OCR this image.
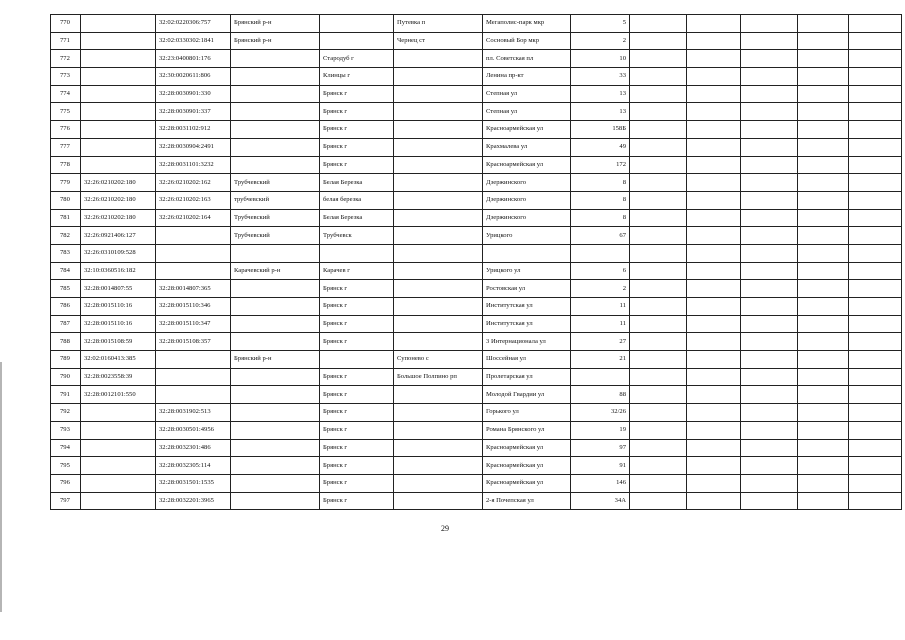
770		32:02:0220306:757	Брянский р-н		Путевка п	Мегаполис-парк мкр	5					
771		32:02:0330302:1841	Брянский р-н		Чернец ст	Сосновый Бор мкр	2					
772		32:23:0400801:176		Стародуб г		пл. Советская пл	10					
773		32:30:0020611:806		Клинцы г		Ленина пр-кт	33					
774		32:28:0030901:330		Брянск г		Степная ул	13					
775		32:28:0030901:337		Брянск г		Степная ул	13					
776		32:28:0031102:912		Брянск г		Красноармейская ул	158Б					
777		32:28:0030904:2491		Брянск г		Крахмалева ул	49					
778		32:28:0031101:3232		Брянск г		Красноармейская ул	172					
779	32:26:0210202:180	32:26:0210202:162	Трубчевский	Белая Березка		Дзержинского	8					
780	32:26:0210202:180	32:26:0210202:163	трубчевский	белая березка		Дзержинского	8					
781	32:26:0210202:180	32:26:0210202:164	Трубчевский	Белая Березка		Дзержинского	8					
782	32:26:0921406:127		Трубчевский	Трубчевск		Урицкого	67					
783	32:26:0310109:528											
784	32:10:0360516:182		Карачевский р-н	Карачев г		Урицкого ул	6					
785	32:28:0014807:55	32:28:0014807:365		Брянск г		Ростовская ул	2					
786	32:28:0015110:16	32:28:0015110:346		Брянск г		Институтская ул	11					
787	32:28:0015110:16	32:28:0015110:347		Брянск г		Институтская ул	11					
788	32:28:0015108:59	32:28:0015108:357		Брянск г		3 Интернационала ул	27					
789	32:02:0160413:385		Брянский р-н		Супонево с	Шоссейная ул	21					
790	32:28:0023558:39			Брянск г	Большое Полпино рп	Пролетарская ул						
791	32:28:0012101:550			Брянск г		Молодой Гвардии ул	88					
792		32:28:0031902:513		Брянск г		Горького ул	32/26					
793		32:28:0030501:4956		Брянск г		Романа Брянского ул	19					
794		32:28:0032301:486		Брянск г		Красноармейская ул	97					
795		32:28:0032305:114		Брянск г		Красноармейская ул	91					
796		32:28:0031501:1535		Брянск г		Красноармейская ул	146					
797		32:28:0032201:3965		Брянск г		2-я Почепская ул	34А					
29
